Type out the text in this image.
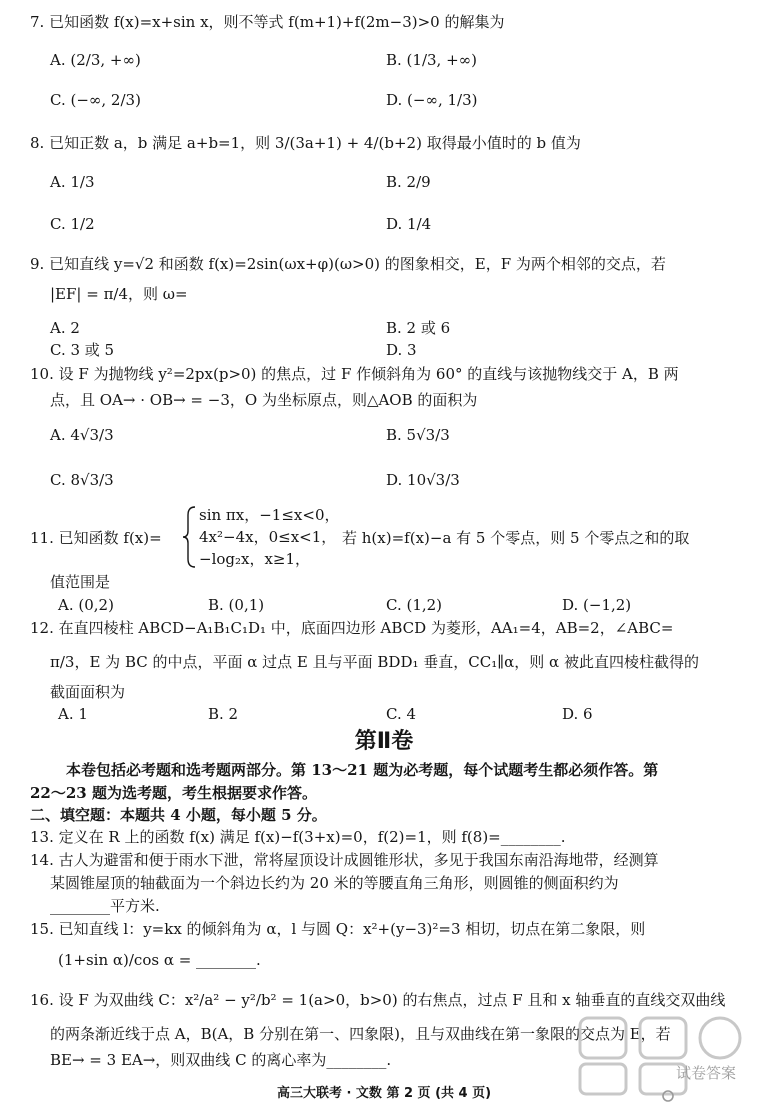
7. 已知函数 f(x)=x+sin x，则不等式 f(m+1)+f(2m−3)>0 的解集为
A. (2/3, +∞)	B. (1/3, +∞)
C. (−∞, 2/3)	D. (−∞, 1/3)
8. 已知正数 a，b 满足 a+b=1，则 3/(3a+1) + 4/(b+2) 取得最小值时的 b 值为
A. 1/3	B. 2/9
C. 1/2	D. 1/4
9. 已知直线 y=√2 和函数 f(x)=2sin(ωx+φ)(ω>0) 的图象相交，E，F 为两个相邻的交点，若
|EF| = π/4，则 ω=
A. 2	B. 2 或 6
C. 3 或 5	D. 3
10. 设 F 为抛物线 y²=2px(p>0) 的焦点，过 F 作倾斜角为 60° 的直线与该抛物线交于 A，B 两
点，且 OA→ · OB→ = −3，O 为坐标原点，则△AOB 的面积为
A. 4√3/3	B. 5√3/3
C. 8√3/3	D. 10√3/3
11. 已知函数 f(x)=
sin πx，−1≤x<0，
4x²−4x，0≤x<1，
−log₂x，x≥1，
若 h(x)=f(x)−a 有 5 个零点，则 5 个零点之和的取
值范围是
A. (0,2)	B. (0,1)	C. (1,2)	D. (−1,2)
12. 在直四棱柱 ABCD−A₁B₁C₁D₁ 中，底面四边形 ABCD 为菱形，AA₁=4，AB=2，∠ABC=
π/3，E 为 BC 的中点，平面 α 过点 E 且与平面 BDD₁ 垂直，CC₁∥α，则 α 被此直四棱柱截得的
截面面积为
A. 1	B. 2	C. 4	D. 6
第Ⅱ卷
本卷包括必考题和选考题两部分。第 13～21 题为必考题，每个试题考生都必须作答。第
22～23 题为选考题，考生根据要求作答。
二、填空题：本题共 4 小题，每小题 5 分。
13. 定义在 R 上的函数 f(x) 满足 f(x)−f(3+x)=0，f(2)=1，则 f(8)=________.
14. 古人为避雷和便于雨水下泄，常将屋顶设计成圆锥形状，多见于我国东南沿海地带，经测算
某圆锥屋顶的轴截面为一个斜边长约为 20 米的等腰直角三角形，则圆锥的侧面积约为
________平方米.
15. 已知直线 l：y=kx 的倾斜角为 α，l 与圆 Q：x²+(y−3)²=3 相切，切点在第二象限，则
(1+sin α)/cos α = ________.
16. 设 F 为双曲线 C：x²/a² − y²/b² = 1(a>0，b>0) 的右焦点，过点 F 且和 x 轴垂直的直线交双曲线
的两条渐近线于点 A，B(A，B 分别在第一、四象限)，且与双曲线在第一象限的交点为 E，若
BE→ = 3 EA→，则双曲线 C 的离心率为________.
高三大联考 · 文数 第 2 页 (共 4 页)
试卷答案
